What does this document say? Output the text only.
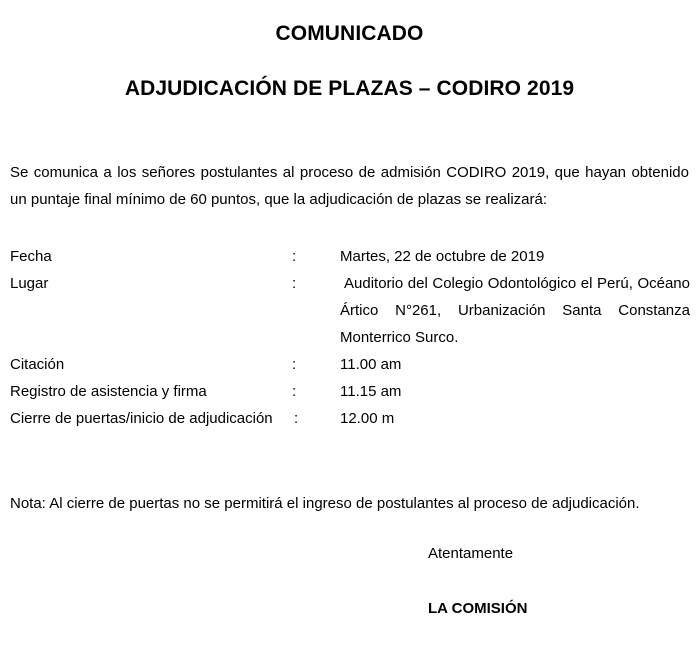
COMUNICADO
ADJUDICACIÓN DE PLAZAS – CODIRO 2019

Se comunica a los señores postulantes al proceso de admisión CODIRO 2019, que hayan obtenido un puntaje final mínimo de 60 puntos, que la adjudicación de plazas se realizará:

Fecha	:	Martes, 22 de octubre de 2019
Lugar	:	Auditorio del Colegio Odontológico el Perú, Océano Ártico N°261, Urbanización Santa Constanza Monterrico Surco.
Citación	:	11.00 am
Registro de asistencia y firma	:	11.15 am
Cierre de puertas/inicio de adjudicación :	12.00 m

Nota: Al cierre de puertas no se permitirá el ingreso de postulantes al proceso de adjudicación.

Atentamente

LA COMISIÓN
